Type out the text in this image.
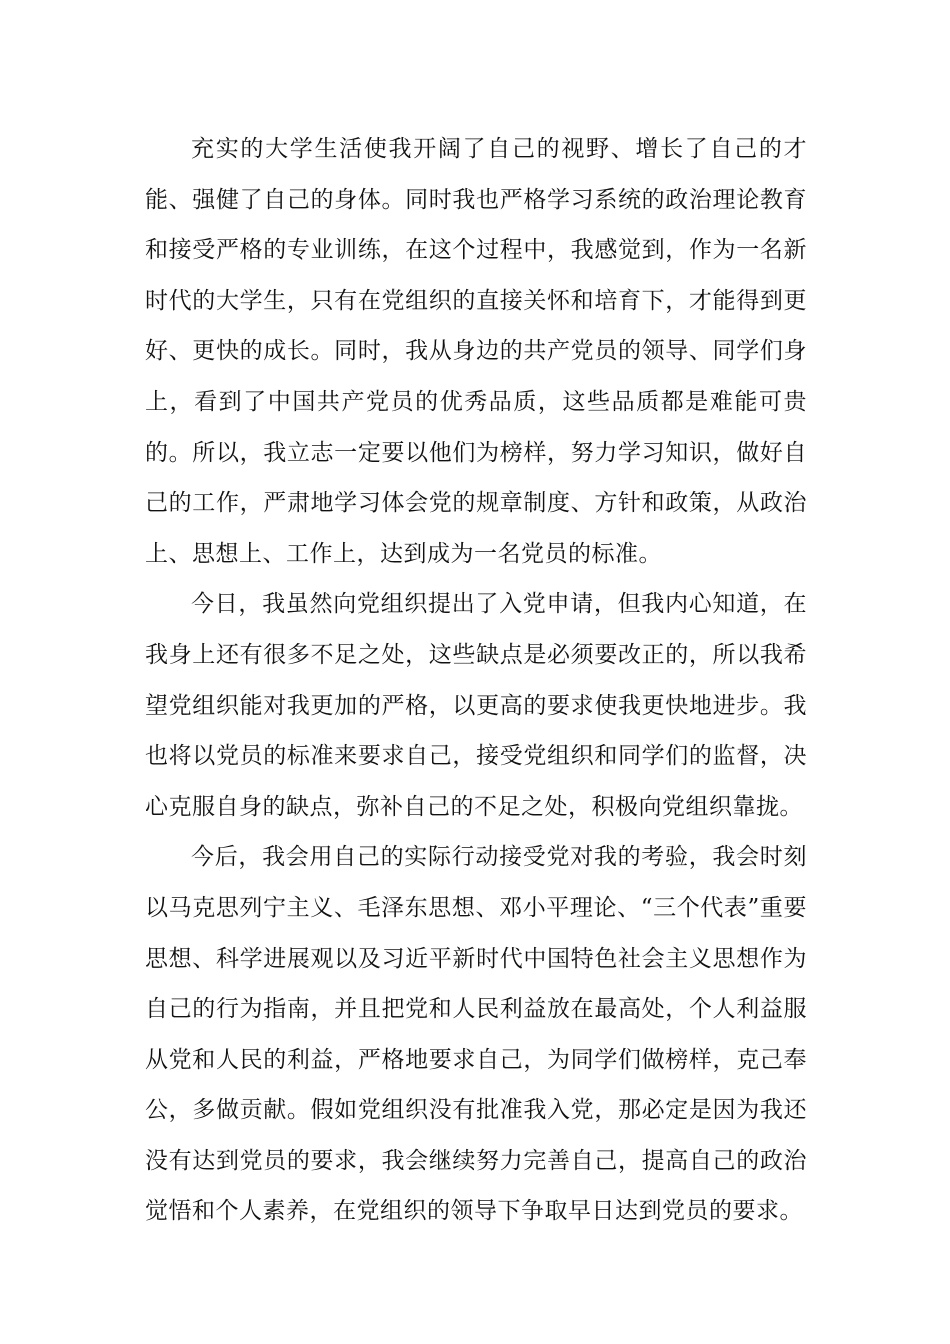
充实的大学生活使我开阔了自己的视野、增长了自己的才能、强健了自己的身体。同时我也严格学习系统的政治理论教育和接受严格的专业训练，在这个过程中，我感觉到，作为一名新时代的大学生，只有在党组织的直接关怀和培育下，才能得到更好、更快的成长。同时，我从身边的共产党员的领导、同学们身上，看到了中国共产党员的优秀品质，这些品质都是难能可贵的。所以，我立志一定要以他们为榜样，努力学习知识，做好自己的工作，严肃地学习体会党的规章制度、方针和政策，从政治上、思想上、工作上，达到成为一名党员的标准。

今日，我虽然向党组织提出了入党申请，但我内心知道，在我身上还有很多不足之处，这些缺点是必须要改正的，所以我希望党组织能对我更加的严格，以更高的要求使我更快地进步。我也将以党员的标准来要求自己，接受党组织和同学们的监督，决心克服自身的缺点，弥补自己的不足之处，积极向党组织靠拢。

今后，我会用自己的实际行动接受党对我的考验，我会时刻以马克思列宁主义、毛泽东思想、邓小平理论、“三个代表”重要思想、科学进展观以及习近平新时代中国特色社会主义思想作为自己的行为指南，并且把党和人民利益放在最高处，个人利益服从党和人民的利益，严格地要求自己，为同学们做榜样，克己奉公，多做贡献。假如党组织没有批准我入党，那必定是因为我还没有达到党员的要求，我会继续努力完善自己，提高自己的政治觉悟和个人素养，在党组织的领导下争取早日达到党员的要求。
